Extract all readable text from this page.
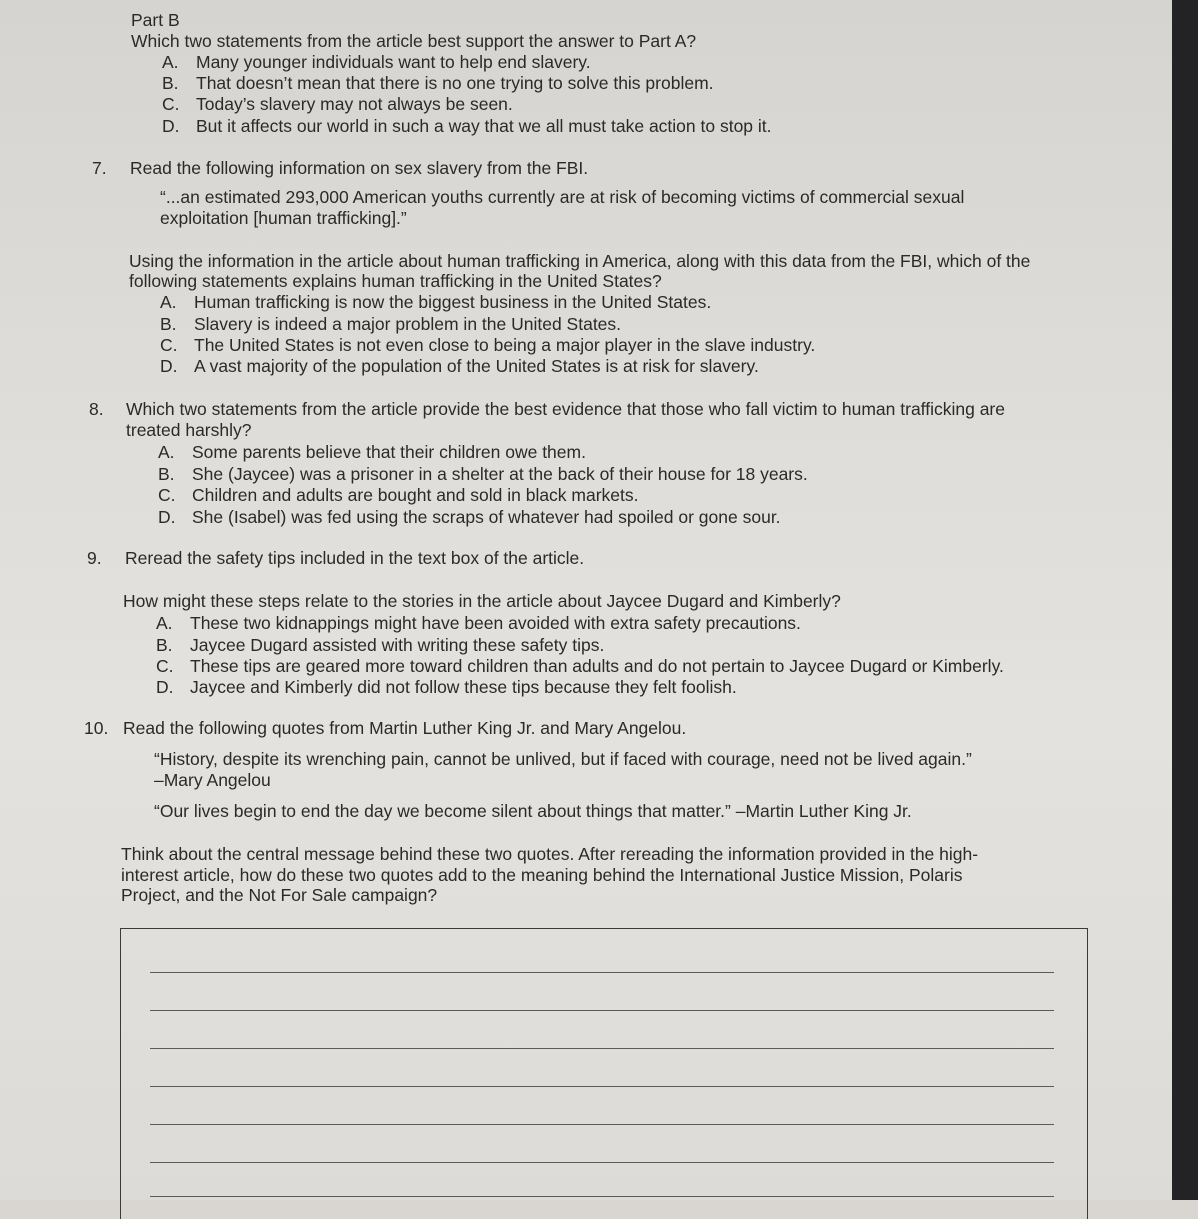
Part B
Which two statements from the article best support the answer to Part A?
A. Many younger individuals want to help end slavery.
B. That doesn’t mean that there is no one trying to solve this problem.
C. Today’s slavery may not always be seen.
D. But it affects our world in such a way that we all must take action to stop it.
7. Read the following information on sex slavery from the FBI.
“...an estimated 293,000 American youths currently are at risk of becoming victims of commercial sexual
exploitation [human trafficking].”
Using the information in the article about human trafficking in America, along with this data from the FBI, which of the
following statements explains human trafficking in the United States?
A. Human trafficking is now the biggest business in the United States.
B. Slavery is indeed a major problem in the United States.
C. The United States is not even close to being a major player in the slave industry.
D. A vast majority of the population of the United States is at risk for slavery.
8. Which two statements from the article provide the best evidence that those who fall victim to human trafficking are
treated harshly?
A. Some parents believe that their children owe them.
B. She (Jaycee) was a prisoner in a shelter at the back of their house for 18 years.
C. Children and adults are bought and sold in black markets.
D. She (Isabel) was fed using the scraps of whatever had spoiled or gone sour.
9. Reread the safety tips included in the text box of the article.
How might these steps relate to the stories in the article about Jaycee Dugard and Kimberly?
A. These two kidnappings might have been avoided with extra safety precautions.
B. Jaycee Dugard assisted with writing these safety tips.
C. These tips are geared more toward children than adults and do not pertain to Jaycee Dugard or Kimberly.
D. Jaycee and Kimberly did not follow these tips because they felt foolish.
10. Read the following quotes from Martin Luther King Jr. and Mary Angelou.
“History, despite its wrenching pain, cannot be unlived, but if faced with courage, need not be lived again.”
–Mary Angelou
“Our lives begin to end the day we become silent about things that matter.” –Martin Luther King Jr.
Think about the central message behind these two quotes. After rereading the information provided in the high-
interest article, how do these two quotes add to the meaning behind the International Justice Mission, Polaris
Project, and the Not For Sale campaign?
